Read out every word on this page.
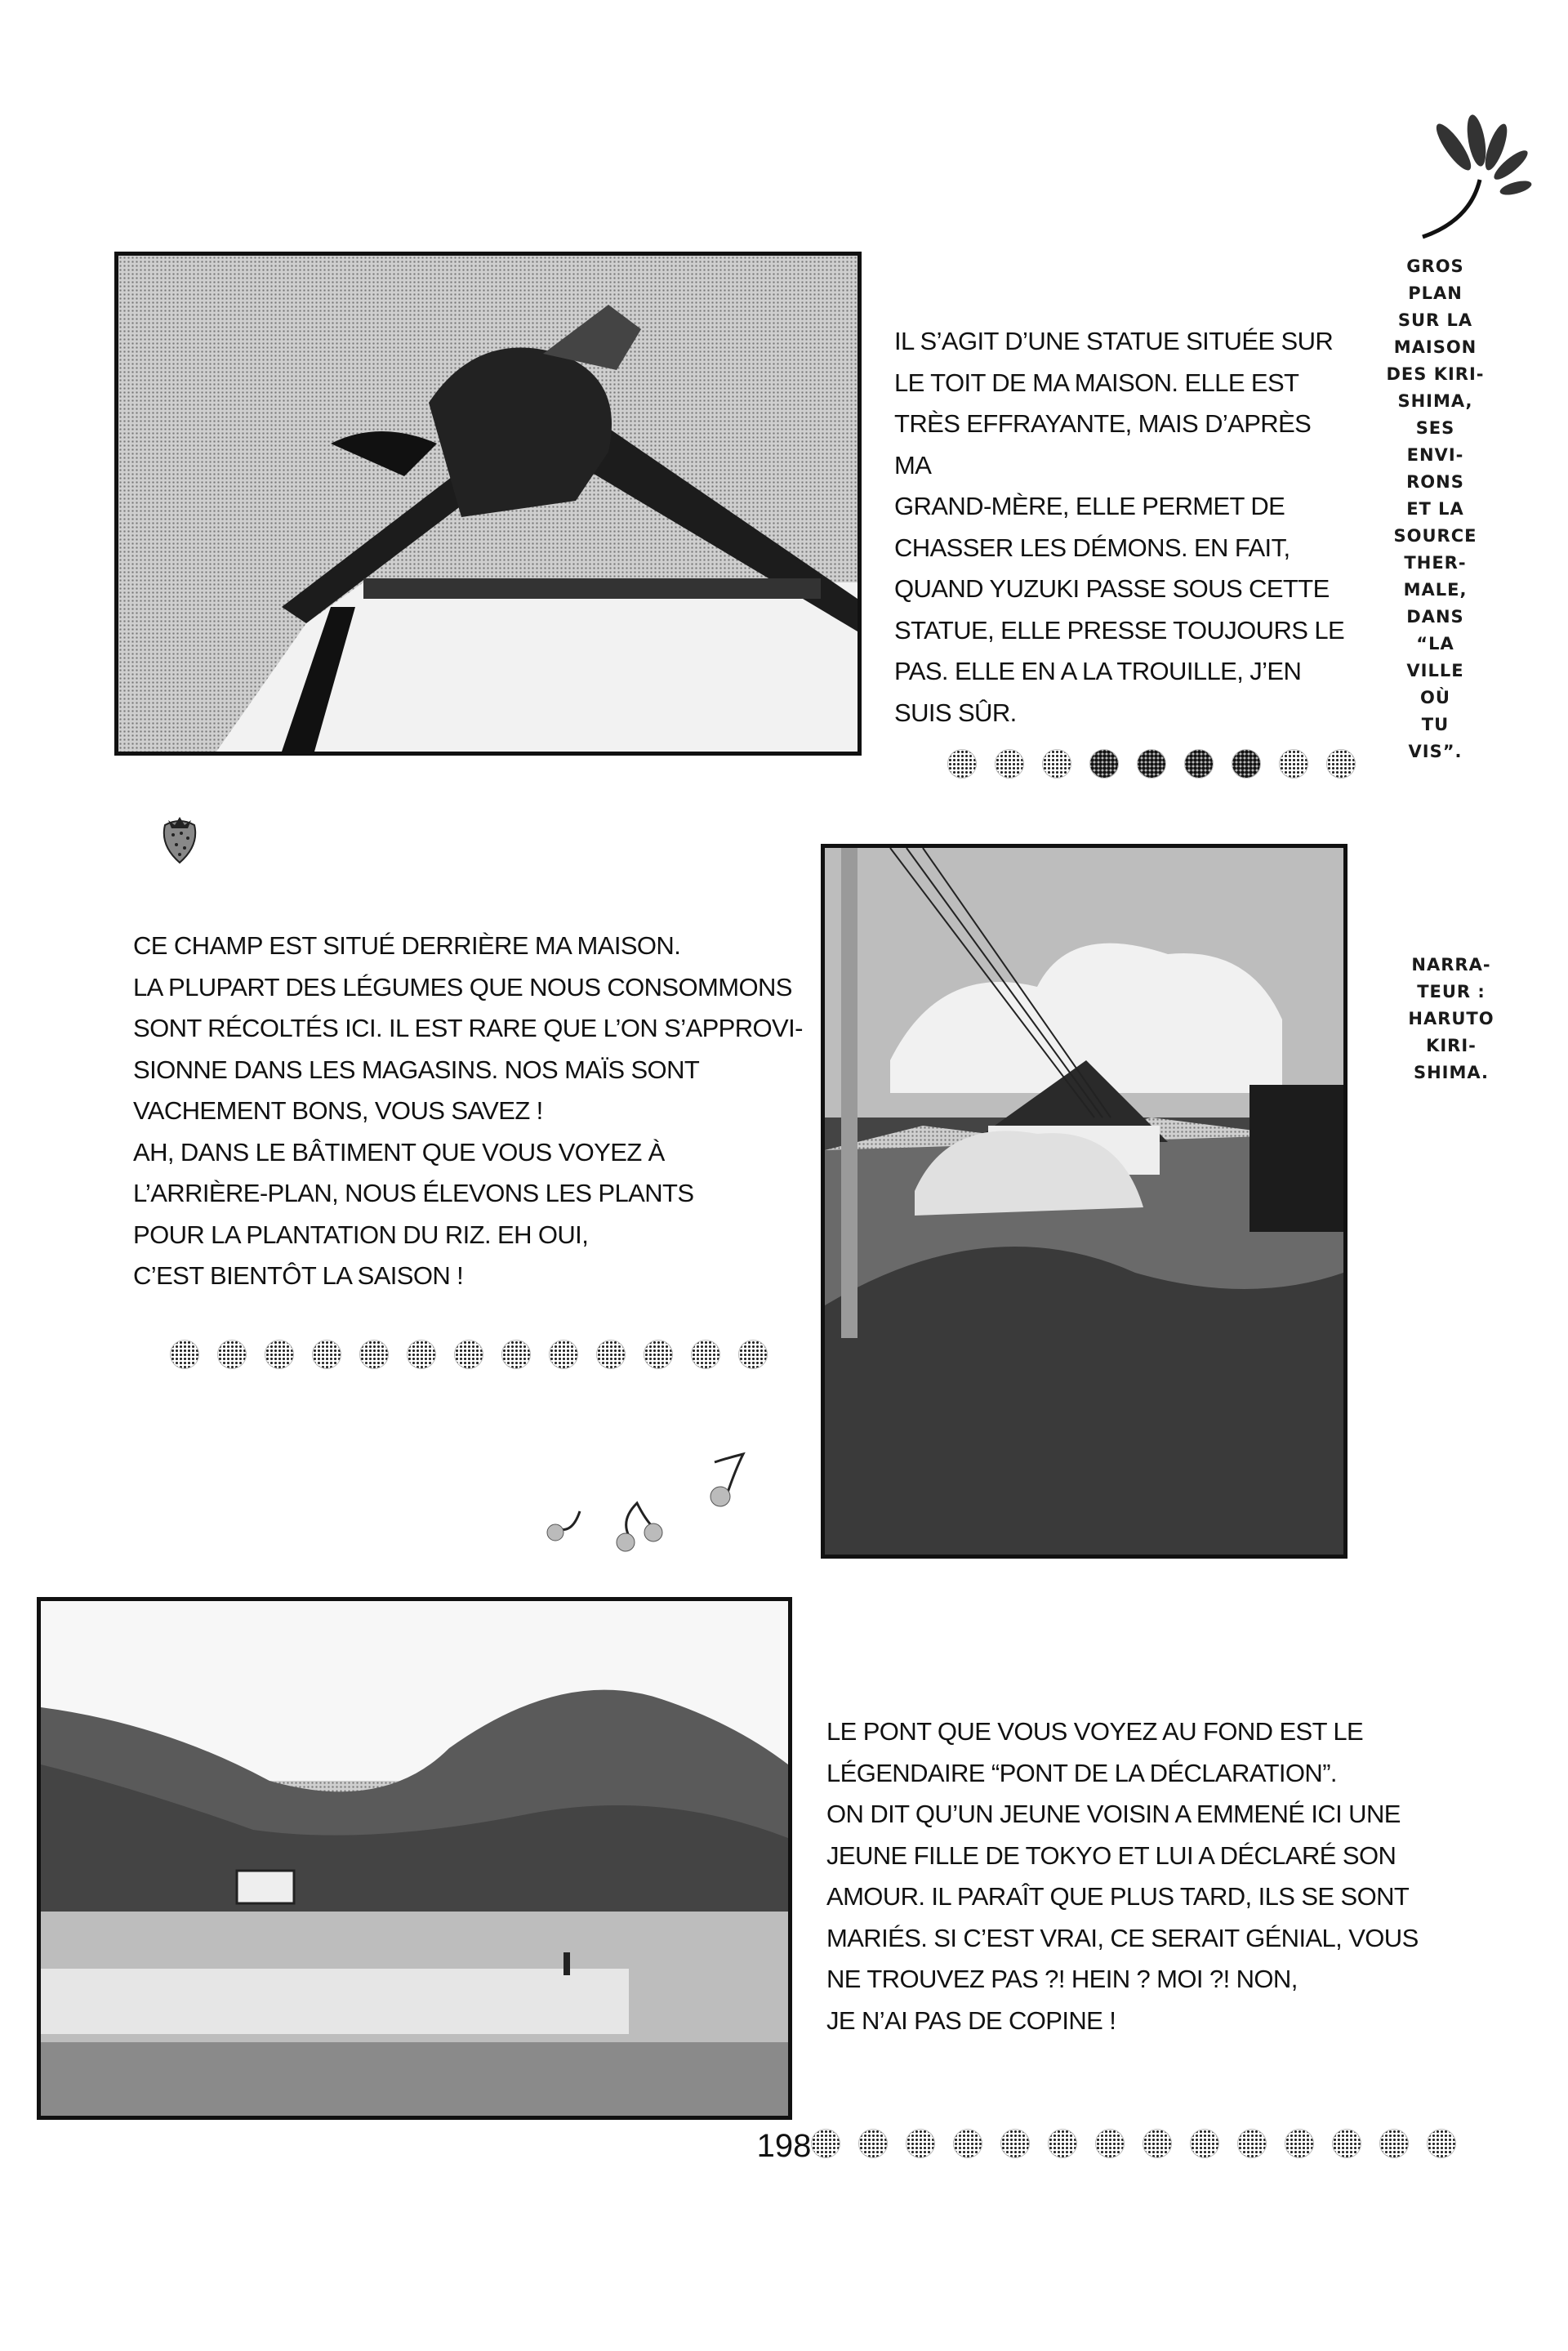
IL S’AGIT D’UNE STATUE SITUÉE SUR
LE TOIT DE MA MAISON. ELLE EST
TRÈS EFFRAYANTE, MAIS D’APRÈS MA
GRAND-MÈRE, ELLE PERMET DE
CHASSER LES DÉMONS. EN FAIT,
QUAND YUZUKI PASSE SOUS CETTE
STATUE, ELLE PRESSE TOUJOURS LE
PAS. ELLE EN A LA TROUILLE, J’EN
SUIS SÛR.
GROS
PLAN
SUR LA
MAISON
DES KIRI-
SHIMA,
SES
ENVI-
RONS
ET LA
SOURCE
THER-
MALE,
DANS
“LA
VILLE
OÙ
TU
VIS”.
CE CHAMP EST SITUÉ DERRIÈRE MA MAISON.
LA PLUPART DES LÉGUMES QUE NOUS CONSOMMONS
SONT RÉCOLTÉS ICI. IL EST RARE QUE L’ON S’APPROVI-
SIONNE DANS LES MAGASINS. NOS MAÏS SONT
VACHEMENT BONS, VOUS SAVEZ !
AH, DANS LE BÂTIMENT QUE VOUS VOYEZ À
L’ARRIÈRE-PLAN, NOUS ÉLEVONS LES PLANTS
POUR LA PLANTATION DU RIZ. EH OUI,
C’EST BIENTÔT LA SAISON !
NARRA-
TEUR :
HARUTO
KIRI-
SHIMA.
LE PONT QUE VOUS VOYEZ AU FOND EST LE
LÉGENDAIRE “PONT DE LA DÉCLARATION”.
ON DIT QU’UN JEUNE VOISIN A EMMENÉ ICI UNE
JEUNE FILLE DE TOKYO ET LUI A DÉCLARÉ SON
AMOUR. IL PARAÎT QUE PLUS TARD, ILS SE SONT
MARIÉS. SI C’EST VRAI, CE SERAIT GÉNIAL, VOUS
NE TROUVEZ PAS ?! HEIN ? MOI ?! NON,
JE N’AI PAS DE COPINE !
198
